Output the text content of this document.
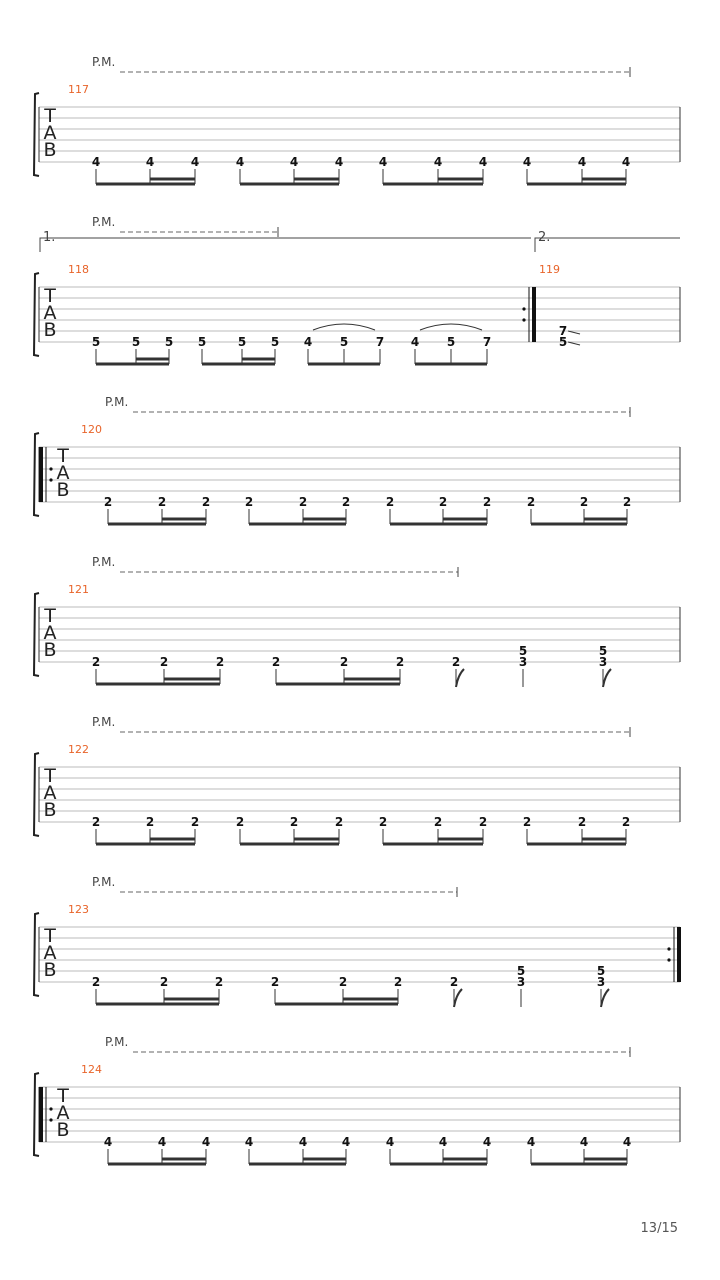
P.M.
T
A
B
117
4	4	4	4	4	4	4	4	4	4	4	4
P.M.
T
A
B
118
5	5 5 5	5 5 4 5 7 4 5 7
1.	2.
119
7
5
P.M.
T
A
B
120
2	2	2	2	2	2	2	2	2	2	2	2
P.M.
T
A
B
121
2	2	2	2	2	2	2
5
3
5
3
P.M.
T
A
B
122
2	2	2	2	2	2	2	2	2	2	2	2
P.M.
T
A
B
123
2	2	2	2	2	2	2
5
3
5
3
P.M.
T
A
B
124
4	4	4	4	4	4	4	4	4	4	4	4
13/15
